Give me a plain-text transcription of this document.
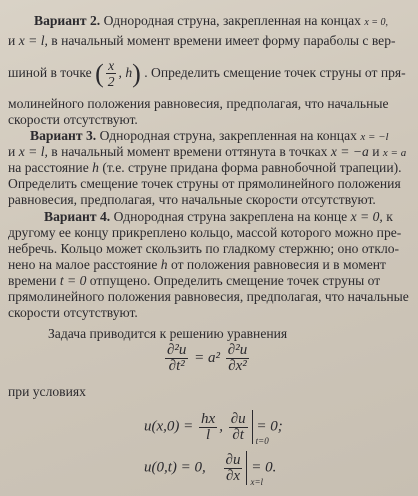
Вариант 2. Однородная струна, закрепленная на концах x = 0,
и x = l, в начальный момент времени имеет форму параболы с вер-
шиной в точке ( $\frac{x}{2}$ , h) . Определить смещение точек струны от пря-
молинейного положения равновесия, предполагая, что начальные
скорости отсутствуют.
Вариант 3. Однородная струна, закрепленная на концах x = −l
и x = l, в начальный момент времени оттянута в точках x = −a и x = a
на расстояние h (т.е. струне придана форма равнобочной трапеции).
Определить смещение точек струны от прямолинейного положения
равновесия, предполагая, что начальные скорости отсутствуют.
Вариант 4. Однородная струна закреплена на конце x = 0, к
другому ее концу прикреплено кольцо, массой которого можно пре-
небречь. Кольцо может скользить по гладкому стержню; оно откло-
нено на малое расстояние h от положения равновесия и в момент
времени t = 0 отпущено. Определить смещение точек струны от
прямолинейного положения равновесия, предполагая, что начальные
скорости отсутствуют.
Задача приводится к решению уравнения
$\frac{\text{∂²u}}{\text{∂t²}} = a^2 \frac{\text{∂²u}}{\text{∂x²}}$
при условиях
$u(x,0) = \frac{hx}{l}$ , $\frac{\partial u}{\partial t} t=0$
= 0;
u(0,t) = 0, $\frac{\partial u}{\partial x} x=l$
= 0.
